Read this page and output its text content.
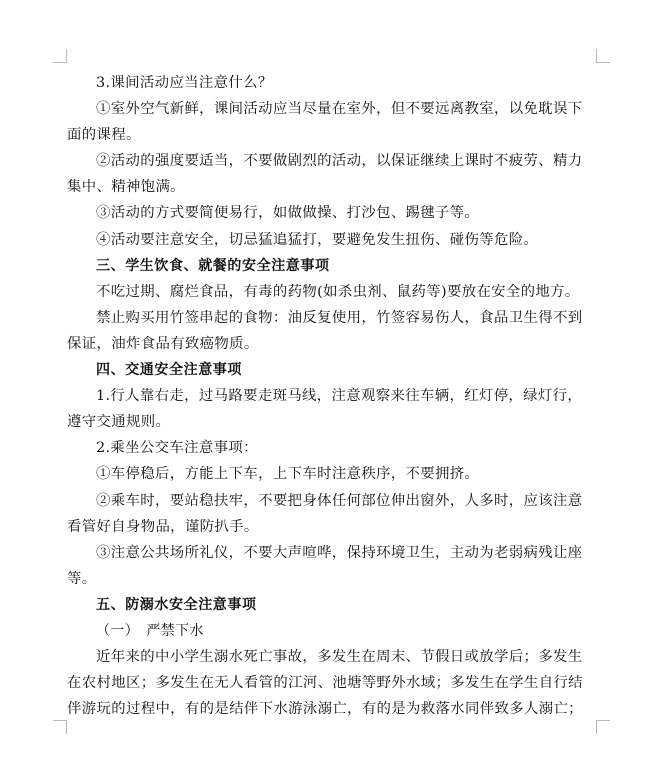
3.课间活动应当注意什么？
①室外空气新鲜，课间活动应当尽量在室外，但不要远离教室，以免耽误下
面的课程。
②活动的强度要适当，不要做剧烈的活动，以保证继续上课时不疲劳、精力
集中、精神饱满。
③活动的方式要简便易行，如做做操、打沙包、踢毽子等。
④活动要注意安全，切忌猛追猛打，要避免发生扭伤、碰伤等危险。
三、学生饮食、就餐的安全注意事项
不吃过期、腐烂食品，有毒的药物(如杀虫剂、鼠药等)要放在安全的地方。
禁止购买用竹签串起的食物：油反复使用，竹签容易伤人，食品卫生得不到
保证，油炸食品有致癌物质。
四、交通安全注意事项
1.行人靠右走，过马路要走斑马线，注意观察来往车辆，红灯停，绿灯行，
遵守交通规则。
2.乘坐公交车注意事项：
①车停稳后，方能上下车，上下车时注意秩序，不要拥挤。
②乘车时，要站稳扶牢，不要把身体任何部位伸出窗外，人多时，应该注意
看管好自身物品，谨防扒手。
③注意公共场所礼仪，不要大声喧哗，保持环境卫生，主动为老弱病残让座
等。
五、防溺水安全注意事项
（一）　严禁下水
近年来的中小学生溺水死亡事故，多发生在周末、节假日或放学后；多发生
在农村地区；多发生在无人看管的江河、池塘等野外水域；多发生在学生自行结
伴游玩的过程中，有的是结伴下水游泳溺亡，有的是为救落水同伴致多人溺亡；
